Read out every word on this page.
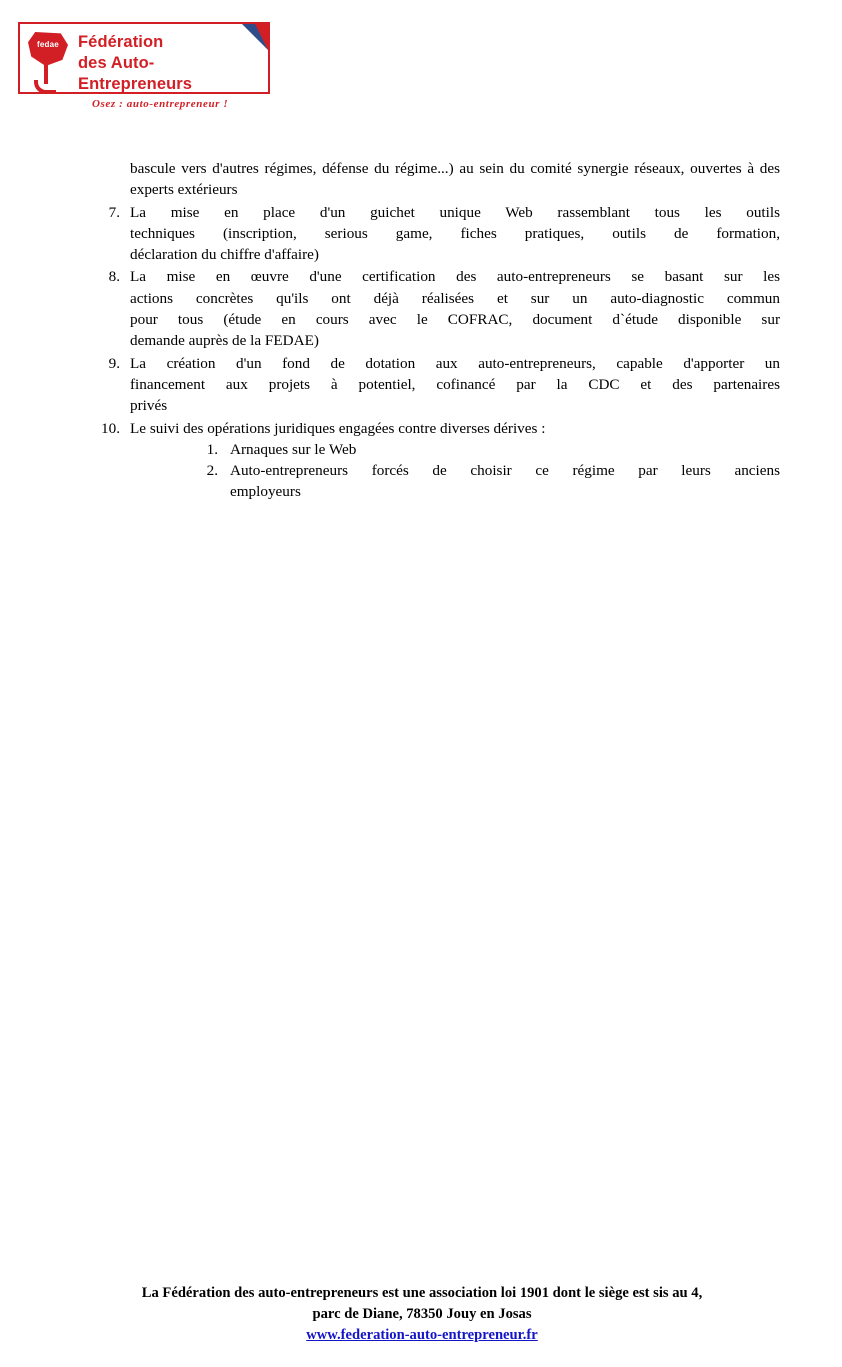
fedae	Fédération
des Auto-Entrepreneurs
Osez : auto-entrepreneur !

bascule vers d'autres régimes, défense du régime...) au sein du comité synergie réseaux, ouvertes à des experts extérieurs

7. La mise en place d'un guichet unique Web rassemblant tous les outils
techniques (inscription, serious game, fiches pratiques, outils de formation,
déclaration du chiffre d'affaire)
8. La mise en œuvre d'une certification des auto-entrepreneurs se basant sur les
actions concrètes qu'ils ont déjà réalisées et sur un auto-diagnostic commun
pour tous (étude en cours avec le COFRAC, document d`étude disponible sur
demande auprès de la FEDAE)
9. La création d'un fond de dotation aux auto-entrepreneurs, capable d'apporter un
financement aux projets à potentiel, cofinancé par la CDC et des partenaires
privés
10. Le suivi des opérations juridiques engagées contre diverses dérives :
1. Arnaques sur le Web
2. Auto-entrepreneurs forcés de choisir ce régime par leurs anciens
employeurs
La Fédération des auto-entrepreneurs est une association loi 1901 dont le siège est sis au 4,
parc de Diane, 78350 Jouy en Josas
www.federation-auto-entrepreneur.fr
